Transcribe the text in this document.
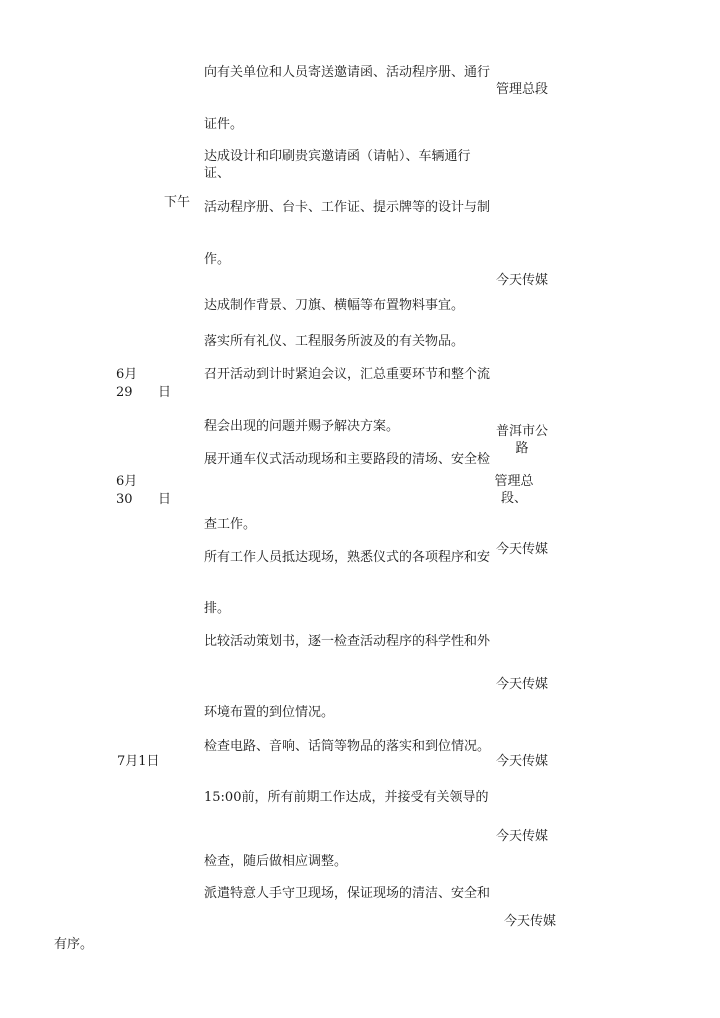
向有关单位和人员寄送邀请函、活动程序册、通行
证件。
达成设计和印刷贵宾邀请函（请帖）、车辆通行证、
活动程序册、台卡、工作证、提示牌等的设计与制
作。
达成制作背景、刀旗、横幅等布置物料事宜。
落实所有礼仪、工程服务所波及的有关物品。
召开活动到计时紧迫会议，汇总重要环节和整个流
程会出现的问题并赐予解决方案。
展开通车仪式活动现场和主要路段的清场、安全检
查工作。
所有工作人员抵达现场，熟悉仪式的各项程序和安
排。
比较活动策划书，逐一检查活动程序的科学性和外
环境布置的到位情况。
检查电路、音响、话筒等物品的落实和到位情况。
15:00前，所有前期工作达成，并接受有关领导的
检查，随后做相应调整。
派遣特意人手守卫现场，保证现场的清洁、安全和
有序。
下午
6月
29 日
6月
30 日
7月1日
管理总段
今天传媒
普洱市公路
管理总段、
今天传媒
今天传媒
今天传媒
今天传媒
今天传媒
